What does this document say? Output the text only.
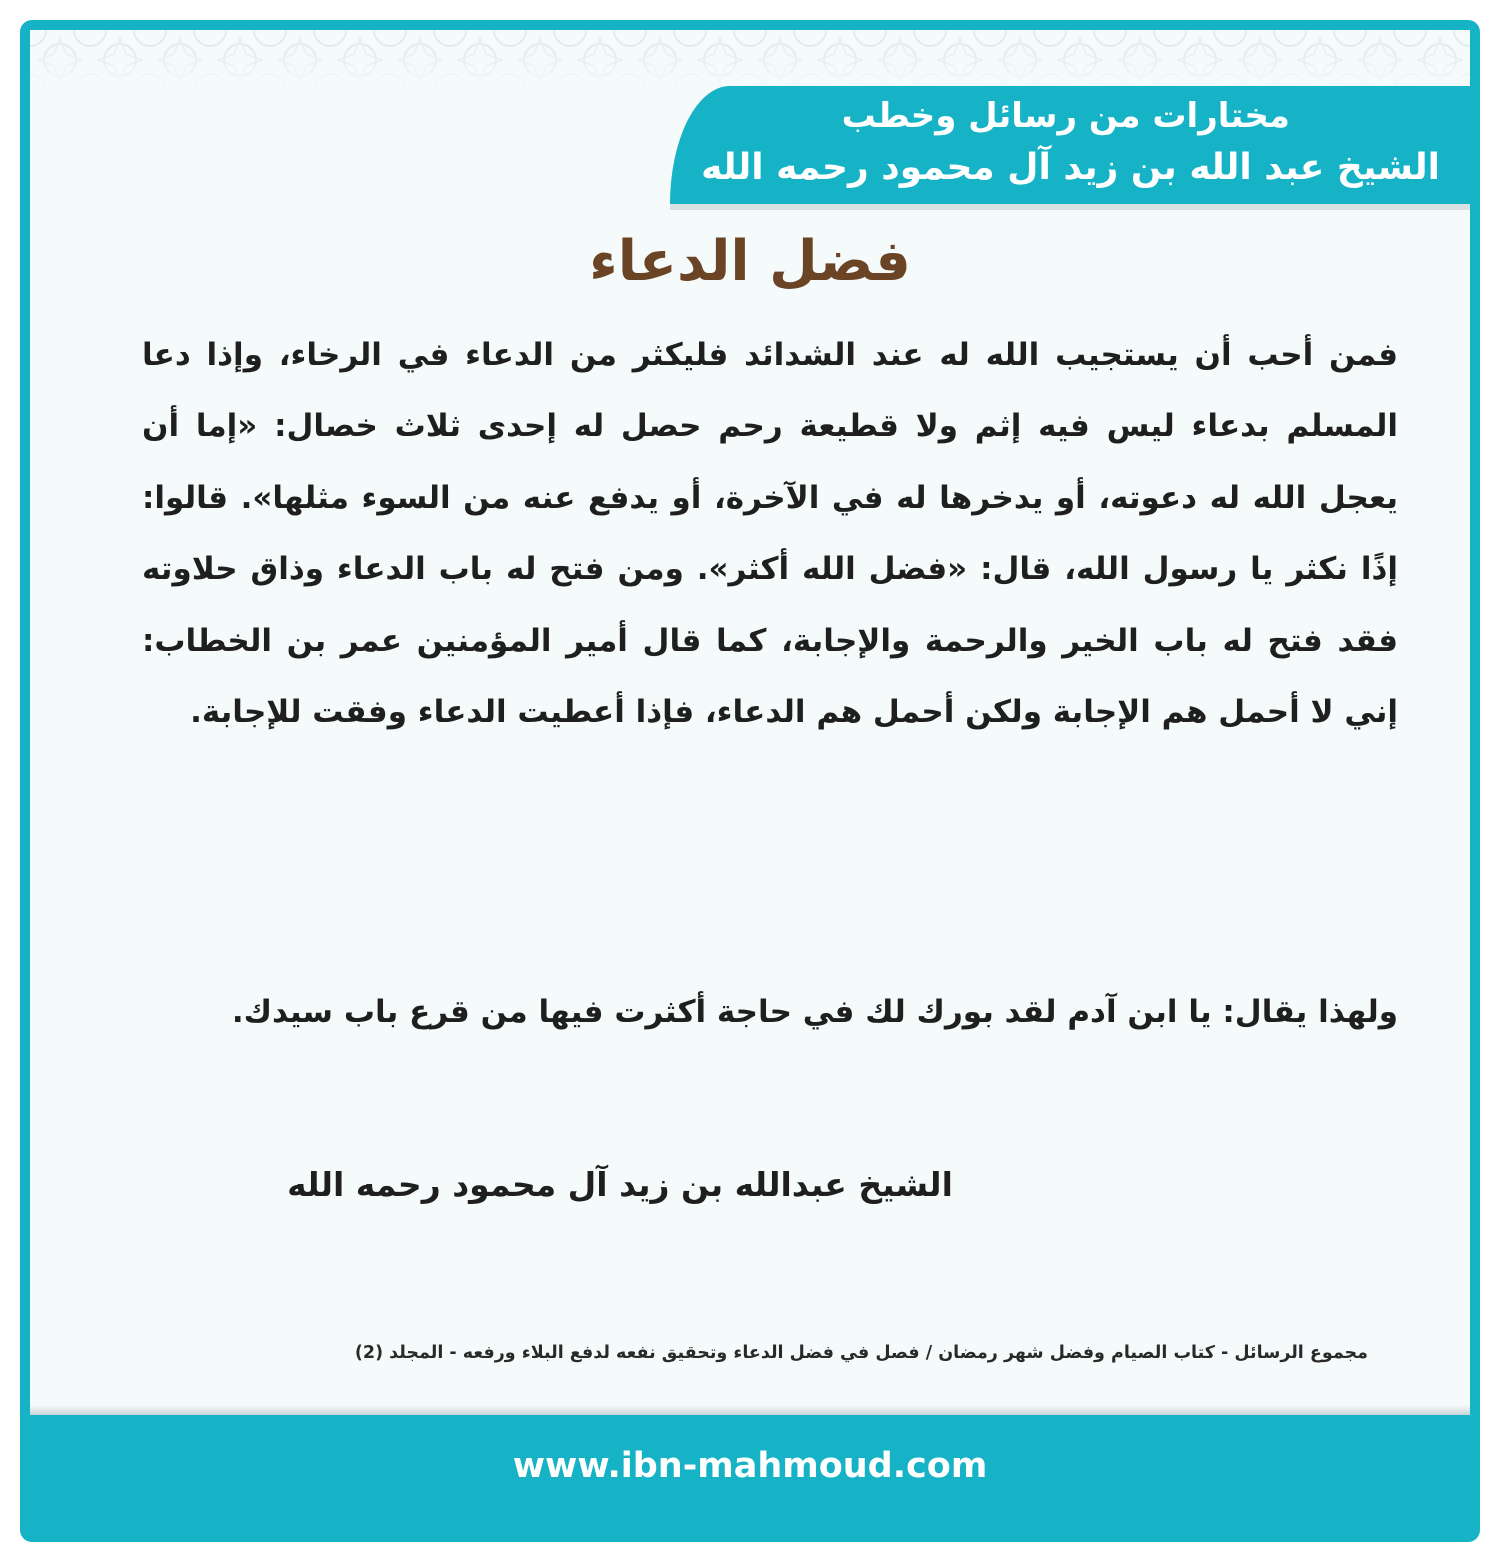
مختارات من رسائل وخطب
الشيخ عبد الله بن زيد آل محمود رحمه الله
فضل الدعاء
فمن أحب أن يستجيب الله له عند الشدائد فليكثر من الدعاء في الرخاء، وإذا دعا المسلم بدعاء ليس فيه إثم ولا قطيعة رحم حصل له إحدى ثلاث خصال: «إما أن يعجل الله له دعوته، أو يدخرها له في الآخرة، أو يدفع عنه من السوء مثلها». قالوا: إذًا نكثر يا رسول الله، قال: «فضل الله أكثر». ومن فتح له باب الدعاء وذاق حلاوته فقد فتح له باب الخير والرحمة والإجابة، كما قال أمير المؤمنين عمر بن الخطاب: إني لا أحمل هم الإجابة ولكن أحمل هم الدعاء، فإذا أعطيت الدعاء وفقت للإجابة.
ولهذا يقال: يا ابن آدم لقد بورك لك في حاجة أكثرت فيها من قرع باب سيدك.
مجموع الرسائل - كتاب الصيام وفضل شهر رمضان / فصل في فضل الدعاء وتحقيق نفعه لدفع البلاء ورفعه - المجلد (2)
www.ibn-mahmoud.com
الشيخ عبدالله بن زيد آل محمود رحمه الله
